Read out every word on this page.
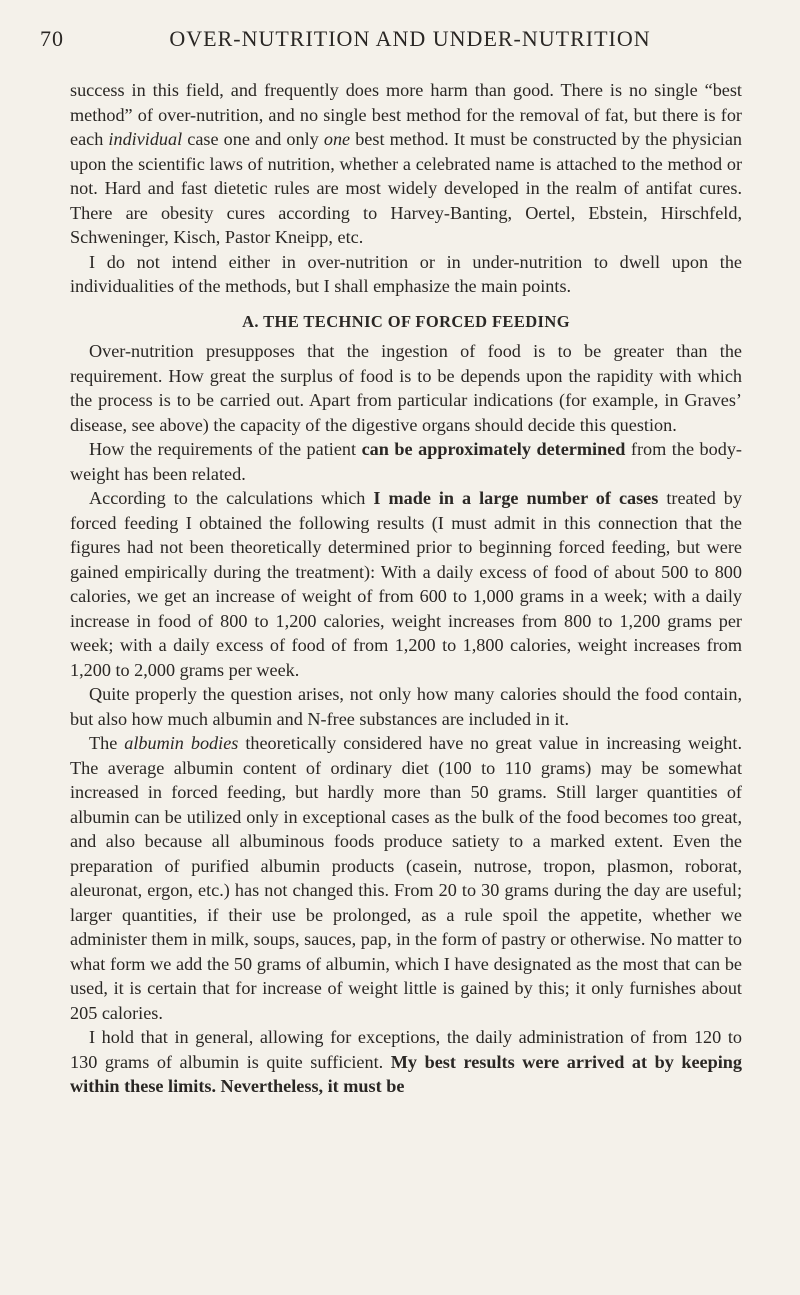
70	OVER-NUTRITION AND UNDER-NUTRITION

success in this field, and frequently does more harm than good. There is no single “best method” of over-nutrition, and no single best method for the removal of fat, but there is for each individual case one and only one best method. It must be constructed by the physician upon the scientific laws of nutrition, whether a celebrated name is attached to the method or not. Hard and fast dietetic rules are most widely developed in the realm of antifat cures. There are obesity cures according to Harvey-Banting, Oertel, Ebstein, Hirschfeld, Schweninger, Kisch, Pastor Kneipp, etc.

I do not intend either in over-nutrition or in under-nutrition to dwell upon the individualities of the methods, but I shall emphasize the main points.

A. THE TECHNIC OF FORCED FEEDING

Over-nutrition presupposes that the ingestion of food is to be greater than the requirement. How great the surplus of food is to be depends upon the rapidity with which the process is to be carried out. Apart from particular indications (for example, in Graves’ disease, see above) the capacity of the digestive organs should decide this question.

How the requirements of the patient can be approximately determined from the body-weight has been related.

According to the calculations which I made in a large number of cases treated by forced feeding I obtained the following results (I must admit in this connection that the figures had not been theoretically determined prior to beginning forced feeding, but were gained empirically during the treatment): With a daily excess of food of about 500 to 800 calories, we get an increase of weight of from 600 to 1,000 grams in a week; with a daily increase in food of 800 to 1,200 calories, weight increases from 800 to 1,200 grams per week; with a daily excess of food of from 1,200 to 1,800 calories, weight increases from 1,200 to 2,000 grams per week.

Quite properly the question arises, not only how many calories should the food contain, but also how much albumin and N-free substances are included in it.

The albumin bodies theoretically considered have no great value in increasing weight. The average albumin content of ordinary diet (100 to 110 grams) may be somewhat increased in forced feeding, but hardly more than 50 grams. Still larger quantities of albumin can be utilized only in exceptional cases as the bulk of the food becomes too great, and also because all albuminous foods produce satiety to a marked extent. Even the preparation of purified albumin products (casein, nutrose, tropon, plasmon, roborat, aleuronat, ergon, etc.) has not changed this. From 20 to 30 grams during the day are useful; larger quantities, if their use be prolonged, as a rule spoil the appetite, whether we administer them in milk, soups, sauces, pap, in the form of pastry or otherwise. No matter to what form we add the 50 grams of albumin, which I have designated as the most that can be used, it is certain that for increase of weight little is gained by this; it only furnishes about 205 calories.

I hold that in general, allowing for exceptions, the daily administration of from 120 to 130 grams of albumin is quite sufficient. My best results were arrived at by keeping within these limits. Nevertheless, it must be
